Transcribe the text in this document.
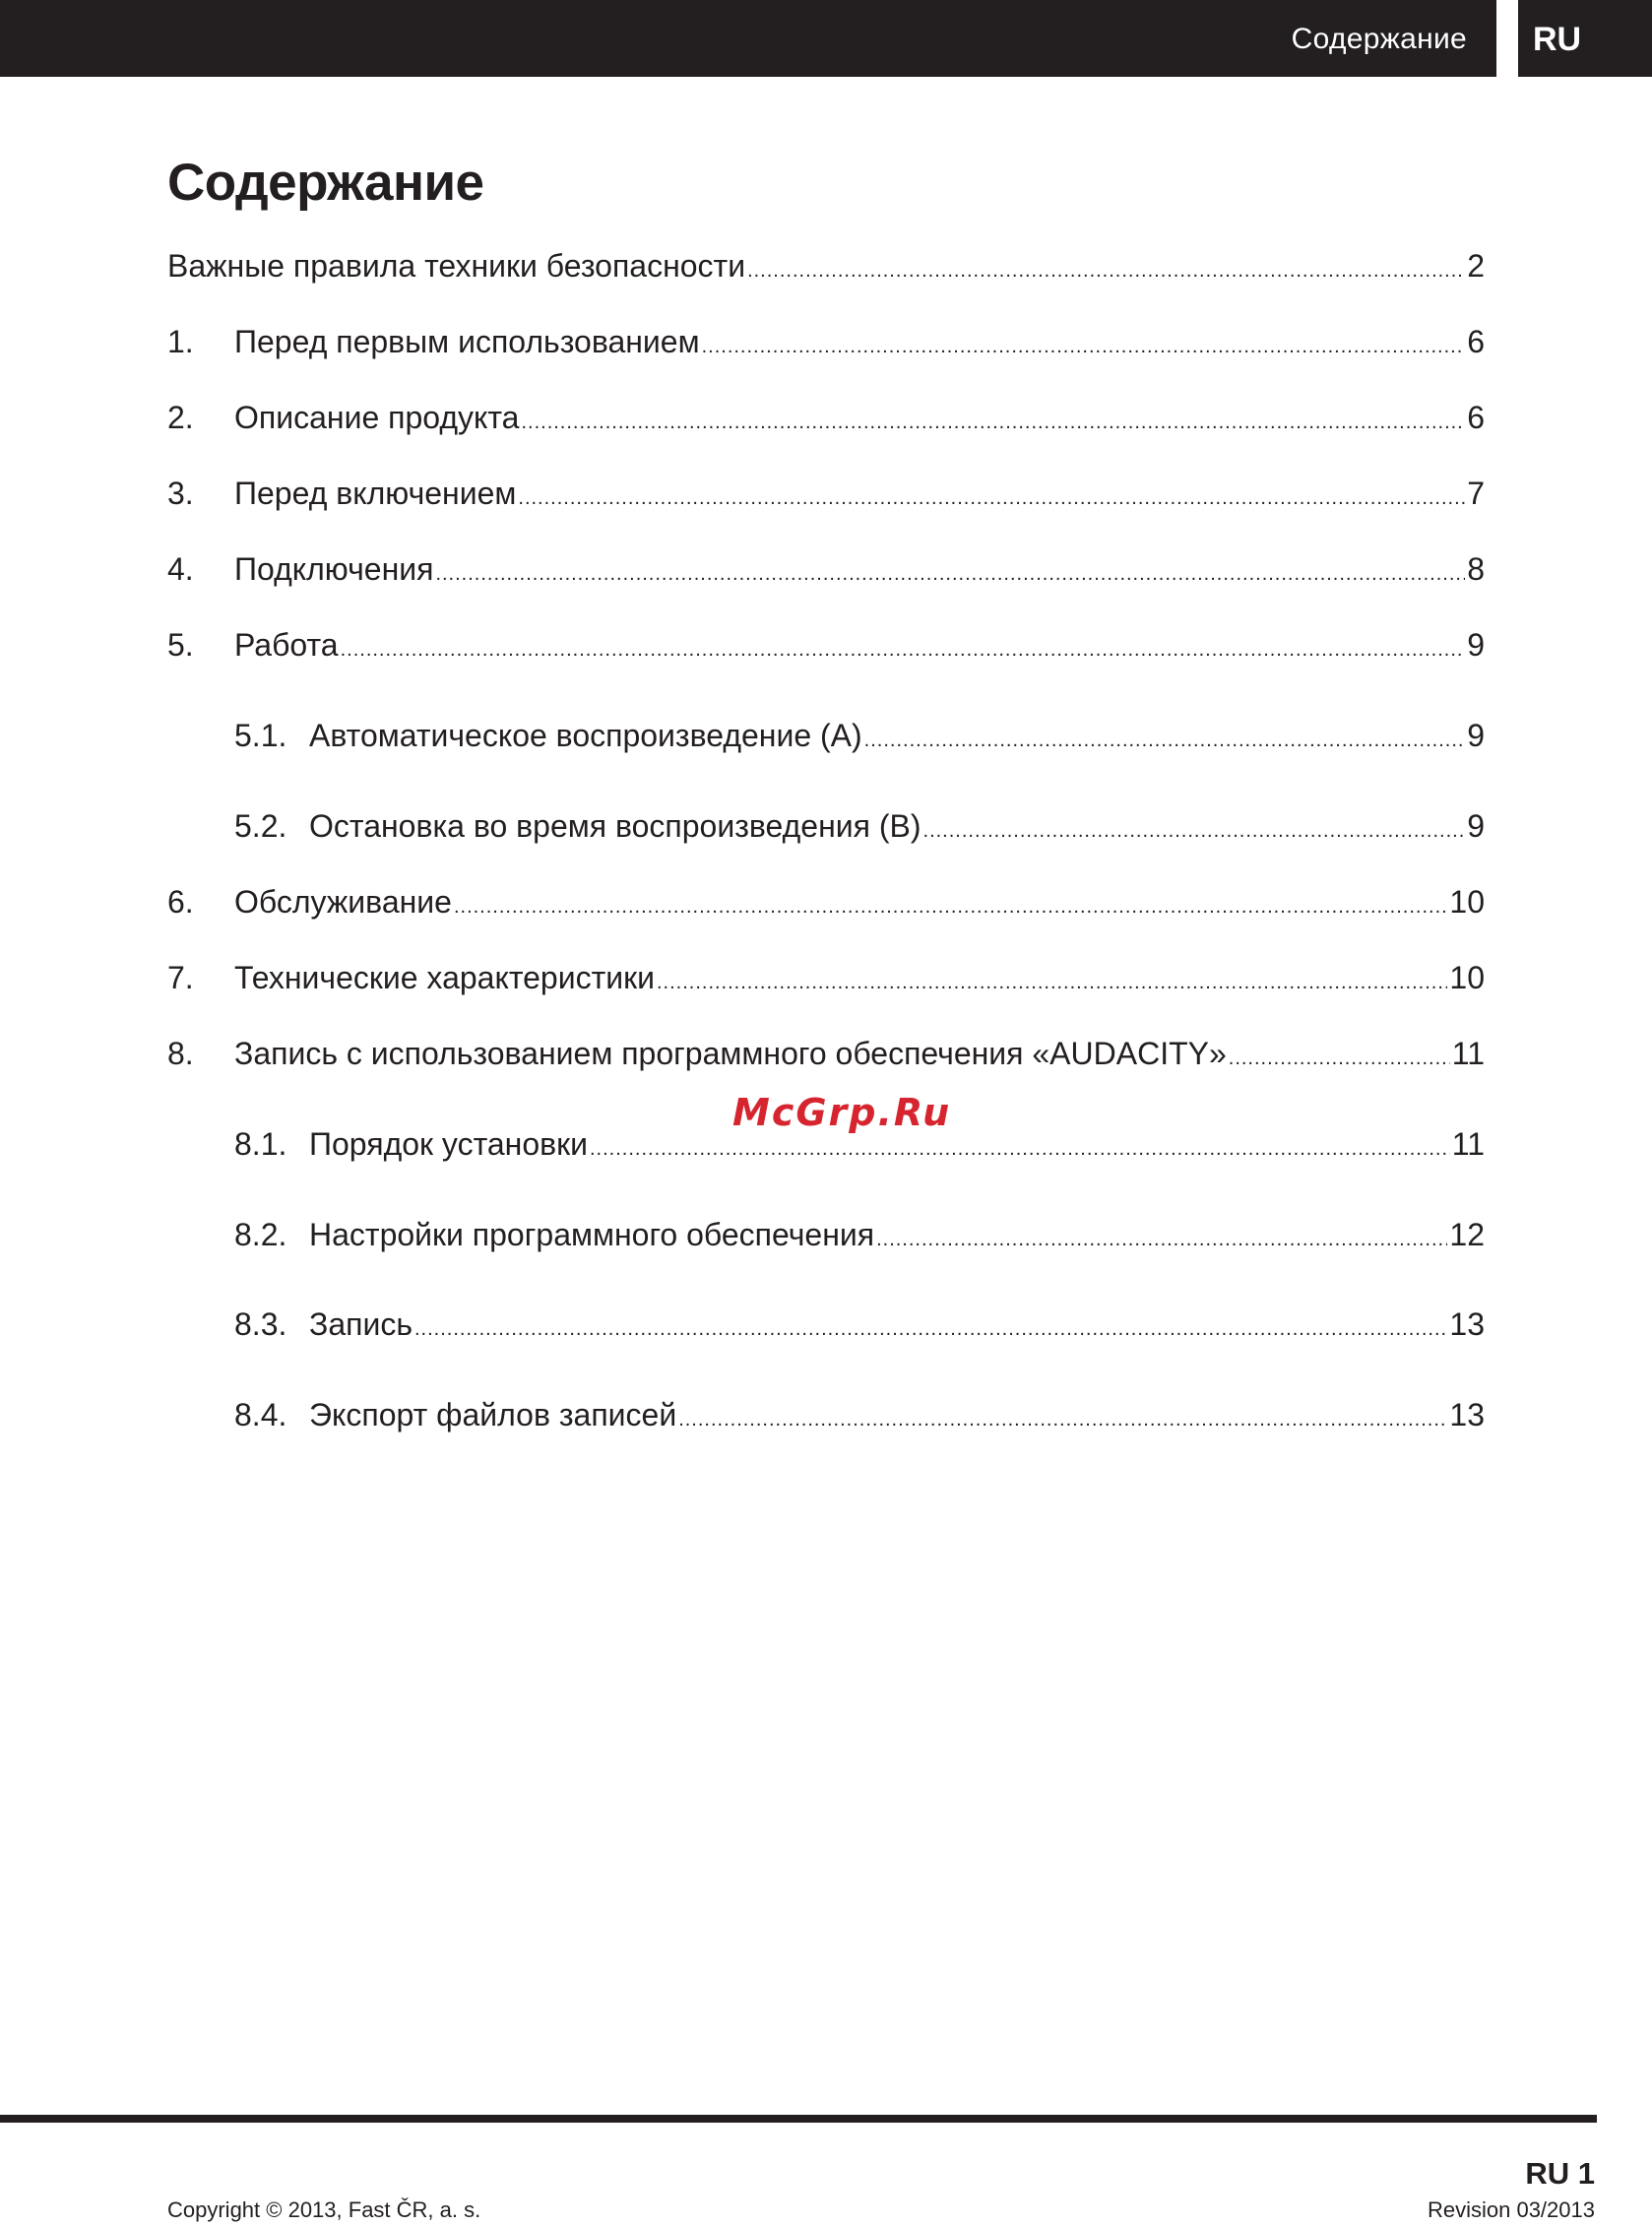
Содержание RU
Содержание
Важные правила техники безопасности .....	2
1.	Перед первым использованием .....	6
2.	Описание продукта .....	6
3.	Перед включением .....	7
4.	Подключения .....	8
5.	Работа .....	9
5.1. Автоматическое воспроизведение (A) .....	9
5.2. Остановка во время воспроизведения (B) .....	9
6.	Обслуживание .....	10
7.	Технические характеристики .....	10
8.	Запись с использованием программного обеспечения «AUDACITY» .....	11
8.1. Порядок установки .....	11
8.2. Настройки программного обеспечения .....	12
8.3. Запись .....	13
8.4. Экспорт файлов записей .....	13
McGrp.Ru
RU 1
Copyright © 2013, Fast ČR, a. s.	Revision 03/2013
